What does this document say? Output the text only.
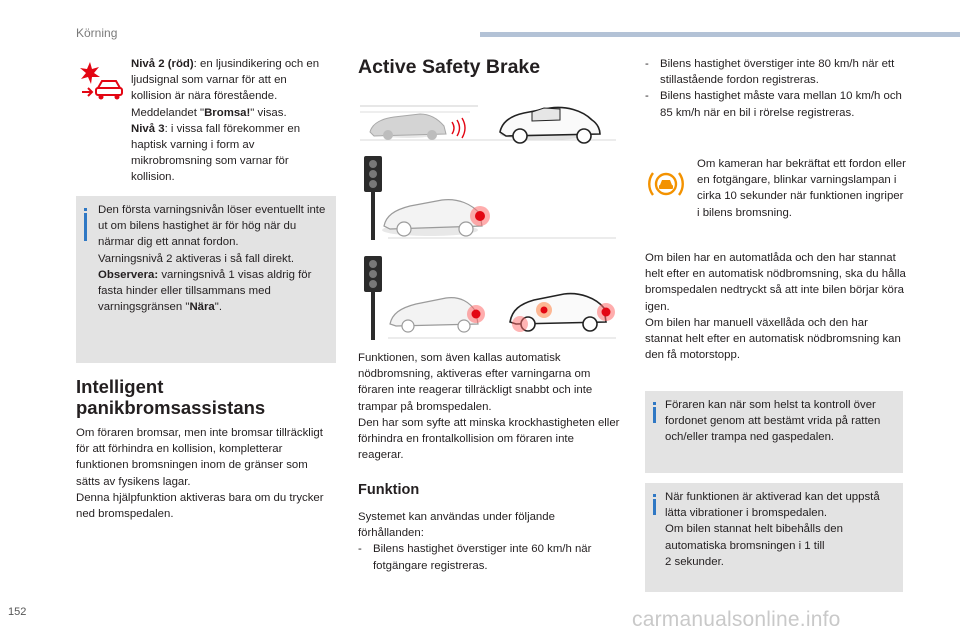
Körning

Nivå 2 (röd): en ljusindikering och en ljudsignal som varnar för att en kollision är nära förestående.

Meddelandet "Bromsa!" visas.

Nivå 3: i vissa fall förekommer en haptisk varning i form av mikrobromsning som varnar för kollision.

Den första varningsnivån löser eventuellt inte ut om bilens hastighet är för hög när du närmar dig ett annat fordon.

Varningsnivå 2 aktiveras i så fall direkt.

Observera: varningsnivå 1 visas aldrig för fasta hinder eller tillsammans med varningsgränsen "Nära".

Intelligent panikbromsassistans

Om föraren bromsar, men inte bromsar tillräckligt för att förhindra en kollision, kompletterar funktionen bromsningen inom de gränser som sätts av fysikens lagar.

Denna hjälpfunktion aktiveras bara om du trycker ned bromspedalen.

Active Safety Brake

Funktionen, som även kallas automatisk nödbromsning, aktiveras efter varningarna om föraren inte reagerar tillräckligt snabbt och inte trampar på bromspedalen.

Den har som syfte att minska krockhastigheten eller förhindra en frontalkollision om föraren inte reagerar.

Funktion

Systemet kan användas under följande förhållanden:

- Bilens hastighet överstiger inte 60 km/h när fotgängare registreras.

- Bilens hastighet överstiger inte 80 km/h när ett stillastående fordon registreras.

- Bilens hastighet måste vara mellan 10 km/h och 85 km/h när en bil i rörelse registreras.

Om kameran har bekräftat ett fordon eller en fotgängare, blinkar varningslampan i cirka 10 sekunder när funktionen ingriper i bilens bromsning.

Om bilen har en automatlåda och den har stannat helt efter en automatisk nödbromsning, ska du hålla bromspedalen nedtryckt så att inte bilen börjar köra igen.

Om bilen har manuell växellåda och den har stannat helt efter en automatisk nödbromsning kan den få motorstopp.

Föraren kan när som helst ta kontroll över fordonet genom att bestämt vrida på ratten och/eller trampa ned gaspedalen.

När funktionen är aktiverad kan det uppstå lätta vibrationer i bromspedalen.

Om bilen stannat helt bibehålls den automatiska bromsningen i 1 till

2 sekunder.

152	carmanualsonline.info
